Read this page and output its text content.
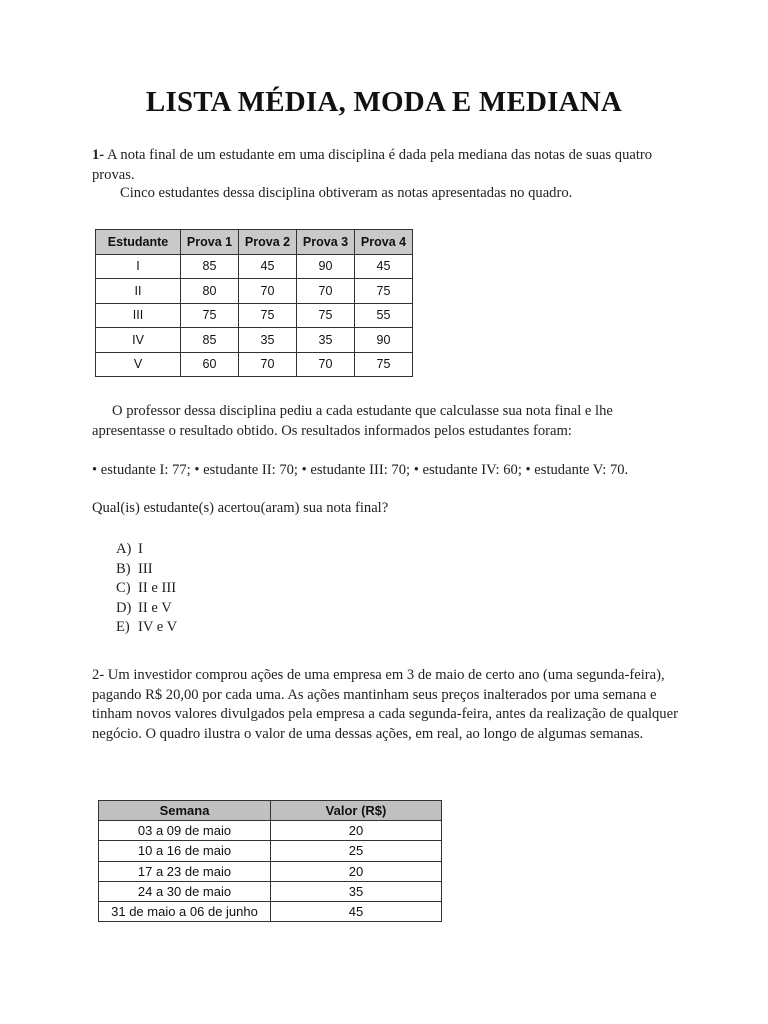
LISTA MÉDIA, MODA E MEDIANA
1- A nota final de um estudante em uma disciplina é dada pela mediana das notas de suas quatro provas.
Cinco estudantes dessa disciplina obtiveram as notas apresentadas no quadro.
Estudante	Prova 1	Prova 2	Prova 3	Prova 4
I	85	45	90	45
II	80	70	70	75
III	75	75	75	55
IV	85	35	35	90
V	60	70	70	75
O professor dessa disciplina pediu a cada estudante que calculasse sua nota final e lhe apresentasse o resultado obtido. Os resultados informados pelos estudantes foram:
• estudante I: 77; • estudante II: 70; • estudante III: 70; • estudante IV: 60; • estudante V: 70.
Qual(is) estudante(s) acertou(aram) sua nota final?
A) I
B) III
C) II e III
D) II e V
E) IV e V
2- Um investidor comprou ações de uma empresa em 3 de maio de certo ano (uma segunda-feira), pagando R$ 20,00 por cada uma. As ações mantinham seus preços inalterados por uma semana e tinham novos valores divulgados pela empresa a cada segunda-feira, antes da realização de qualquer negócio. O quadro ilustra o valor de uma dessas ações, em real, ao longo de algumas semanas.
Semana	Valor (R$)
03 a 09 de maio	20
10 a 16 de maio	25
17 a 23 de maio	20
24 a 30 de maio	35
31 de maio a 06 de junho	45
